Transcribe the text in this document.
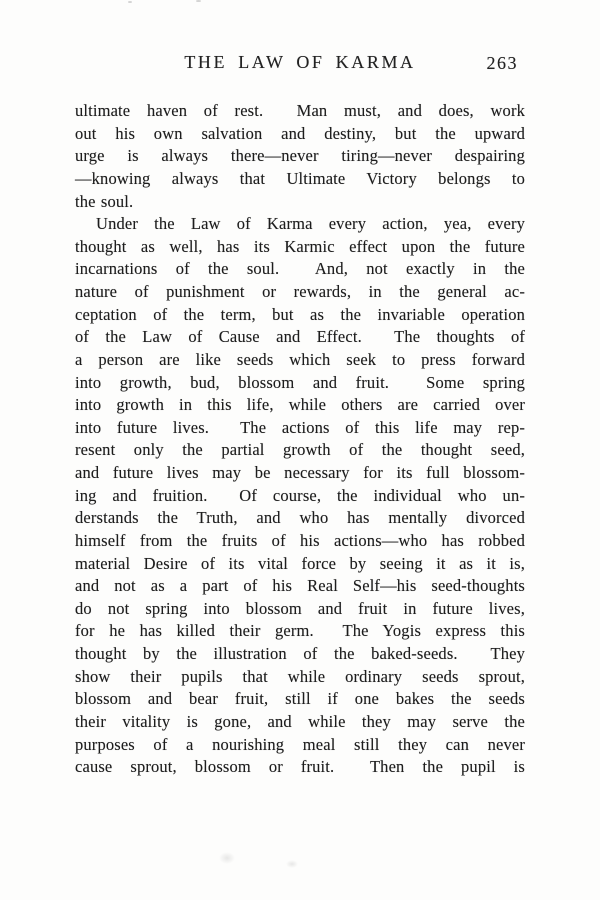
THE LAW OF KARMA	263
ultimate haven of rest.  Man must, and does, work
out his own salvation and destiny, but the upward
urge is always there—never tiring—never despairing
—knowing always that Ultimate Victory belongs to
the soul.
Under the Law of Karma every action, yea, every
thought as well, has its Karmic effect upon the future
incarnations of the soul.  And, not exactly in the
nature of punishment or rewards, in the general ac-
ceptation of the term, but as the invariable operation
of the Law of Cause and Effect.  The thoughts of
a person are like seeds which seek to press forward
into growth, bud, blossom and fruit.  Some spring
into growth in this life, while others are carried over
into future lives.  The actions of this life may rep-
resent only the partial growth of the thought seed,
and future lives may be necessary for its full blossom-
ing and fruition.  Of course, the individual who un-
derstands the Truth, and who has mentally divorced
himself from the fruits of his actions—who has robbed
material Desire of its vital force by seeing it as it is,
and not as a part of his Real Self—his seed-thoughts
do not spring into blossom and fruit in future lives,
for he has killed their germ.  The Yogis express this
thought by the illustration of the baked-seeds.  They
show their pupils that while ordinary seeds sprout,
blossom and bear fruit, still if one bakes the seeds
their vitality is gone, and while they may serve the
purposes of a nourishing meal still they can never
cause sprout, blossom or fruit.  Then the pupil is
